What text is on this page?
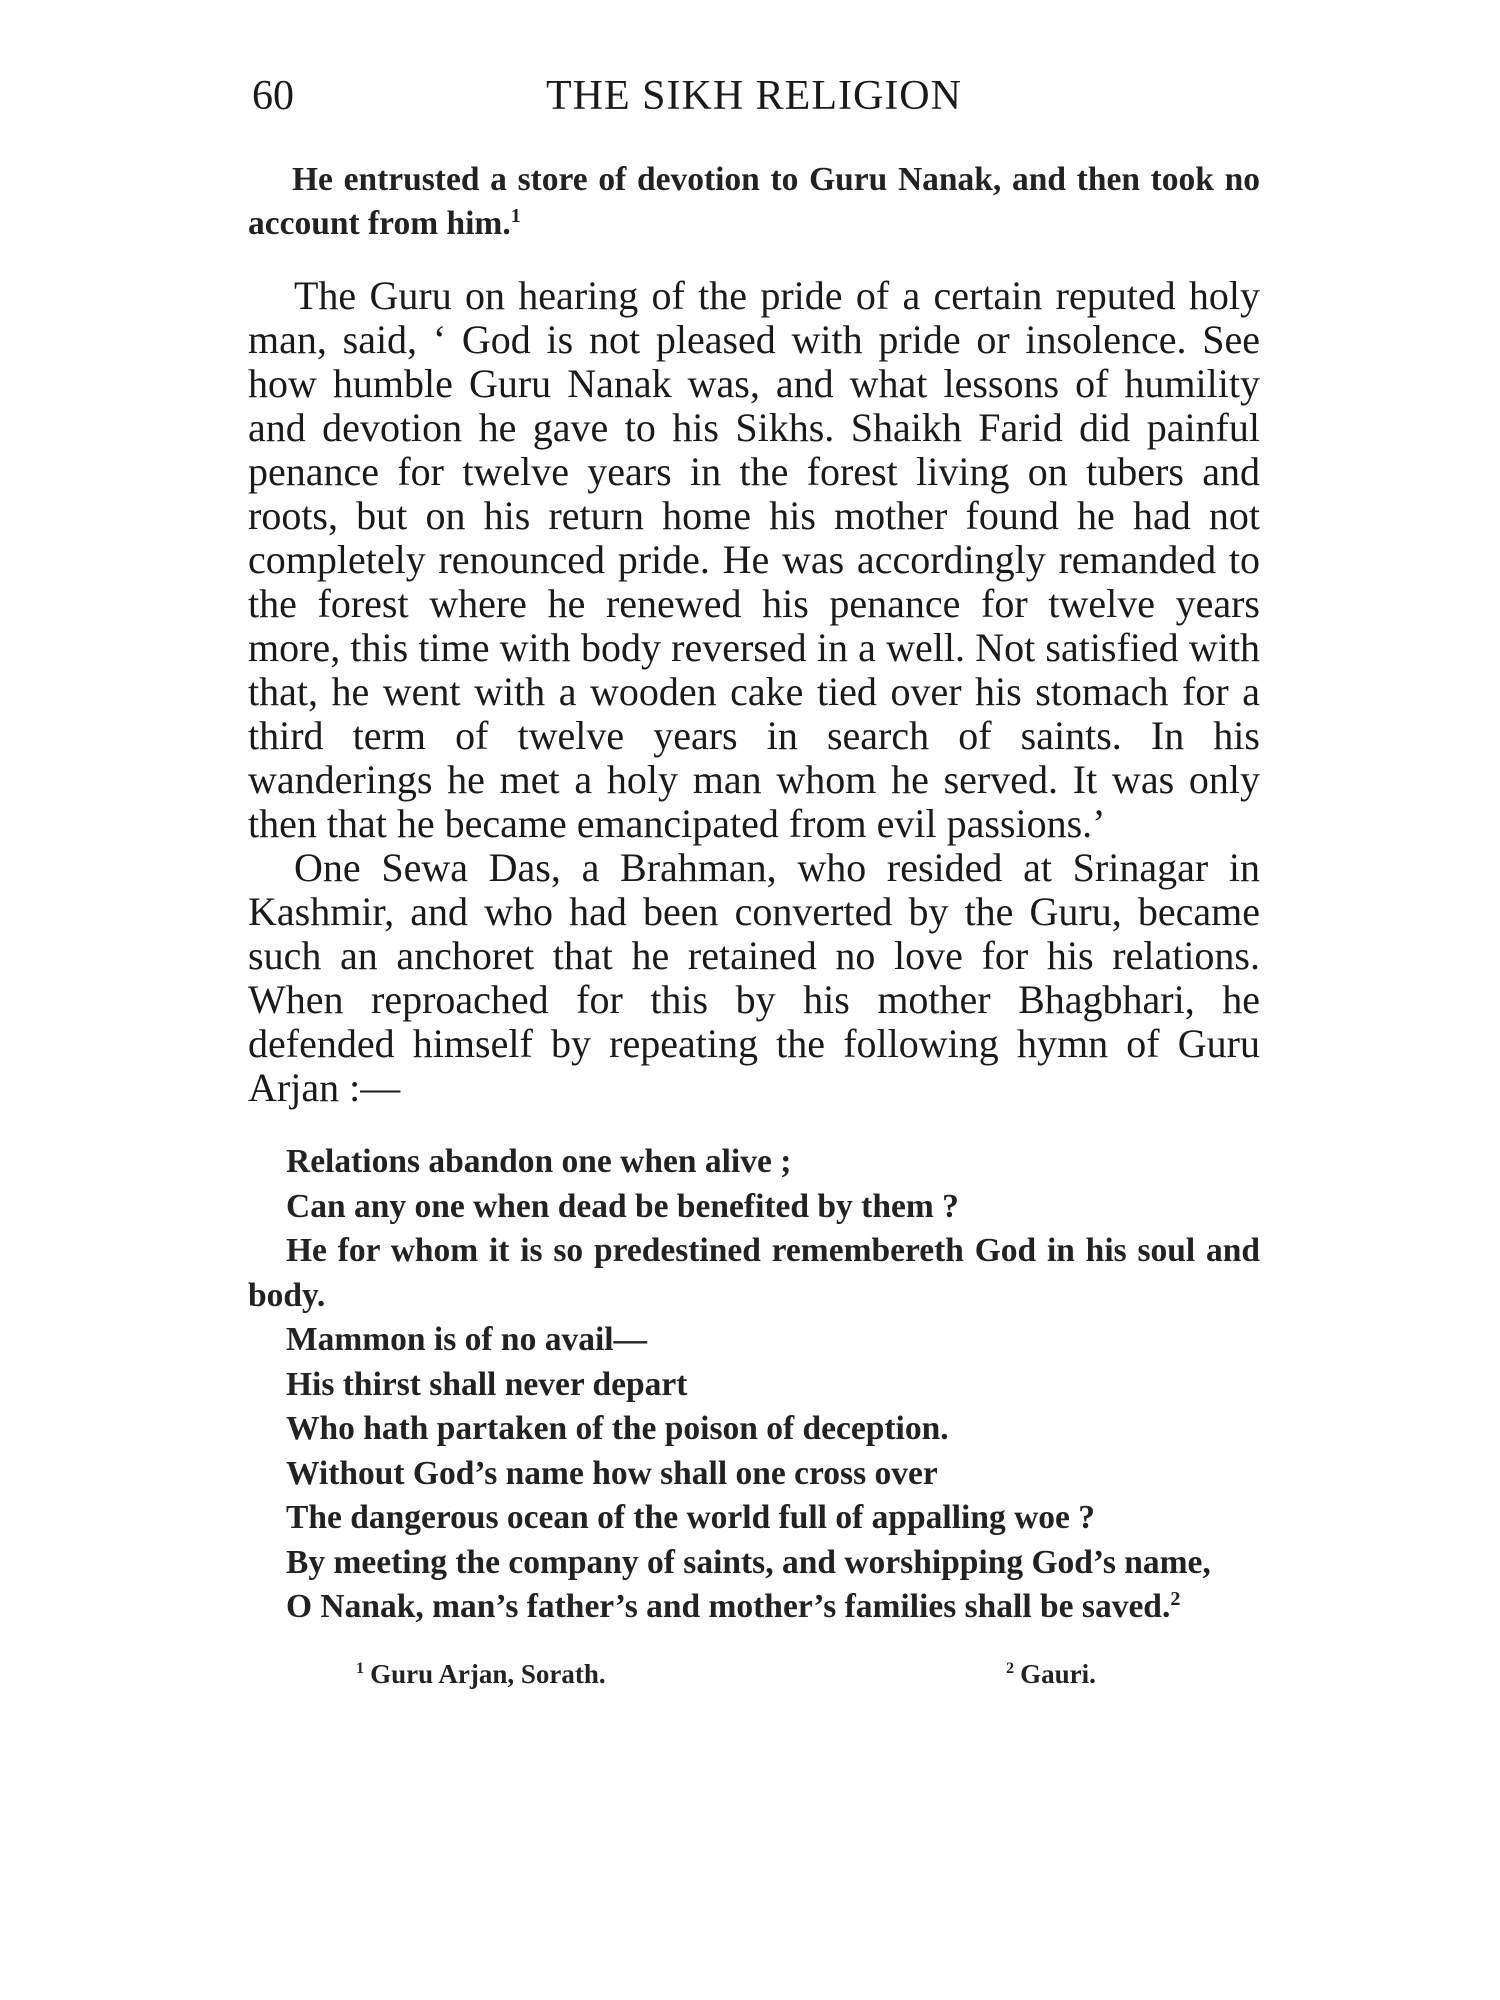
60	THE SIKH RELIGION

He entrusted a store of devotion to Guru Nanak, and then took no account from him.$^1$

The Guru on hearing of the pride of a certain reputed holy man, said, ‘ God is not pleased with pride or insolence. See how humble Guru Nanak was, and what lessons of humility and devotion he gave to his Sikhs. Shaikh Farid did painful penance for twelve years in the forest living on tubers and roots, but on his return home his mother found he had not completely renounced pride. He was accordingly remanded to the forest where he renewed his penance for twelve years more, this time with body reversed in a well. Not satisfied with that, he went with a wooden cake tied over his stomach for a third term of twelve years in search of saints. In his wanderings he met a holy man whom he served. It was only then that he became emancipated from evil passions.’

One Sewa Das, a Brahman, who resided at Srinagar in Kashmir, and who had been converted by the Guru, became such an anchoret that he retained no love for his relations. When reproached for this by his mother Bhagbhari, he defended himself by repeating the following hymn of Guru Arjan :—

Relations abandon one when alive ;
Can any one when dead be benefited by them ?
He for whom it is so predestined remembereth God in his soul and body.
Mammon is of no avail—
His thirst shall never depart
Who hath partaken of the poison of deception.
Without God’s name how shall one cross over
The dangerous ocean of the world full of appalling woe ?
By meeting the company of saints, and worshipping God’s name,
O Nanak, man’s father’s and mother’s families shall be saved.$^2$
$^1$ Guru Arjan, Sorath.	$^2$ Gauri.
